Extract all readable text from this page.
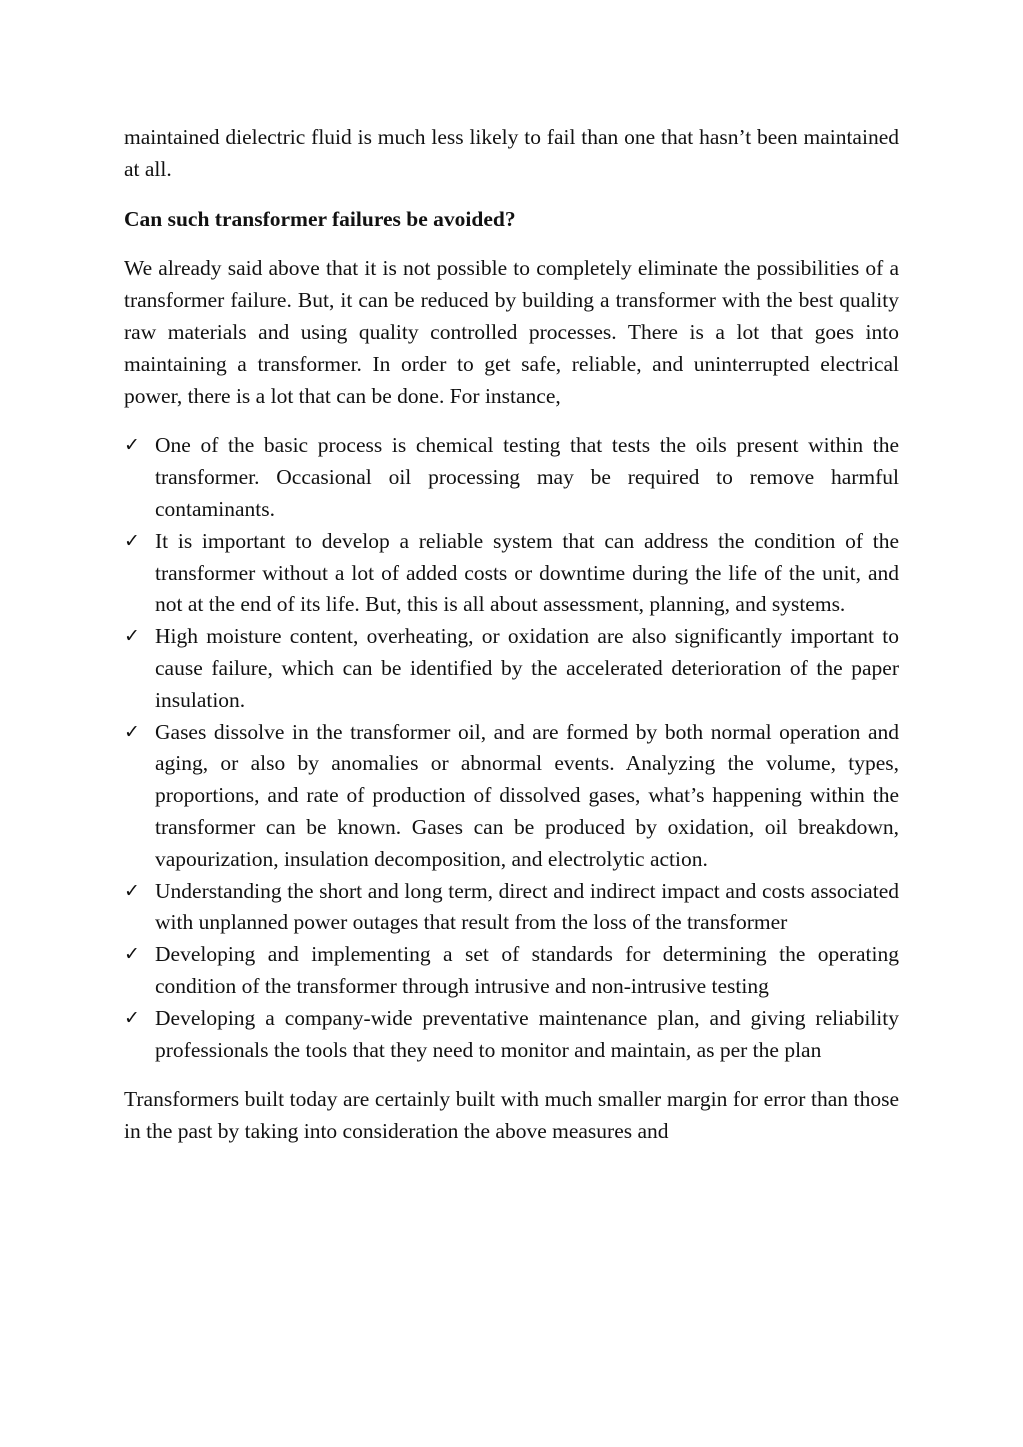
maintained dielectric fluid is much less likely to fail than one that hasn’t been maintained at all.

Can such transformer failures be avoided?

We already said above that it is not possible to completely eliminate the possibilities of a transformer failure. But, it can be reduced by building a transformer with the best quality raw materials and using quality controlled processes. There is a lot that goes into maintaining a transformer. In order to get safe, reliable, and uninterrupted electrical power, there is a lot that can be done. For instance,

✓ One of the basic process is chemical testing that tests the oils present within the transformer. Occasional oil processing may be required to remove harmful contaminants.
✓ It is important to develop a reliable system that can address the condition of the transformer without a lot of added costs or downtime during the life of the unit, and not at the end of its life. But, this is all about assessment, planning, and systems.
✓ High moisture content, overheating, or oxidation are also significantly important to cause failure, which can be identified by the accelerated deterioration of the paper insulation.
✓ Gases dissolve in the transformer oil, and are formed by both normal operation and aging, or also by anomalies or abnormal events. Analyzing the volume, types, proportions, and rate of production of dissolved gases, what’s happening within the transformer can be known. Gases can be produced by oxidation, oil breakdown, vapourization, insulation decomposition, and electrolytic action.
✓ Understanding the short and long term, direct and indirect impact and costs associated with unplanned power outages that result from the loss of the transformer
✓ Developing and implementing a set of standards for determining the operating condition of the transformer through intrusive and non-intrusive testing
✓ Developing a company-wide preventative maintenance plan, and giving reliability professionals the tools that they need to monitor and maintain, as per the plan

Transformers built today are certainly built with much smaller margin for error than those in the past by taking into consideration the above measures and
